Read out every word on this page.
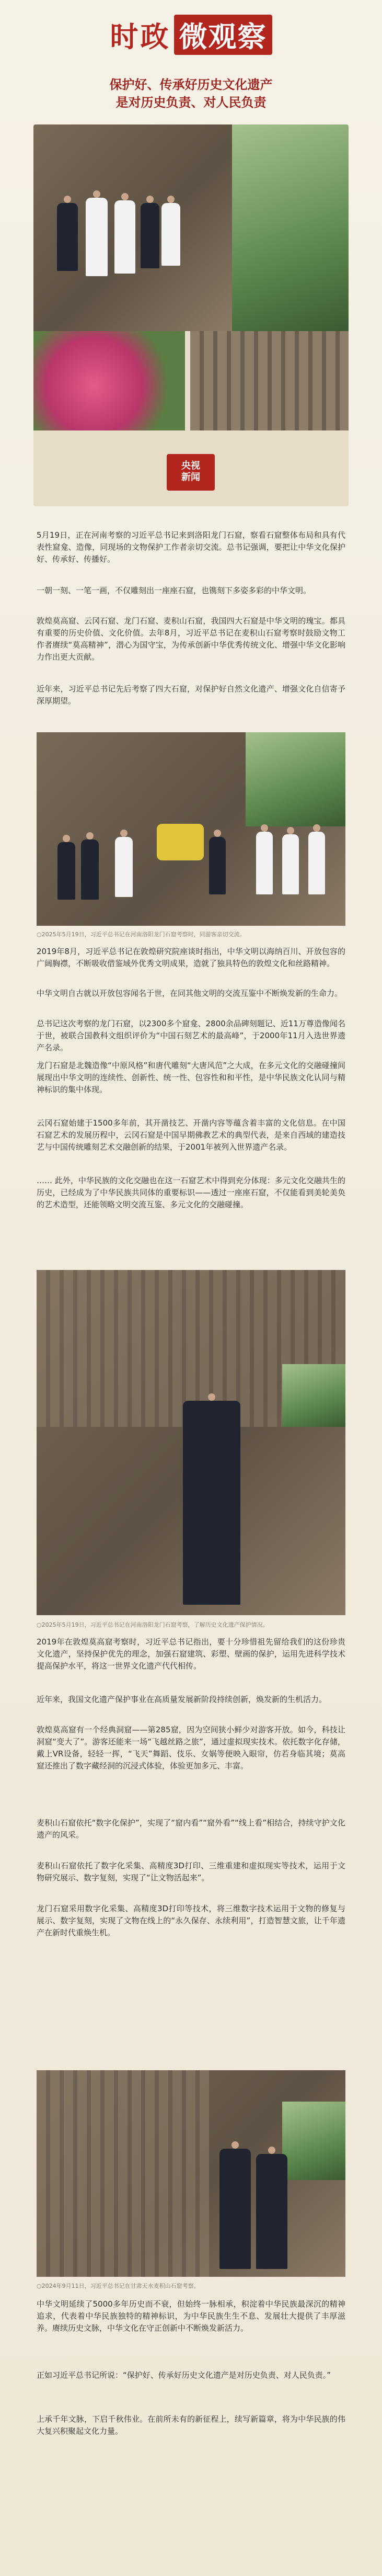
时政 微观察
保护好、传承好历史文化遗产
是对历史负责、对人民负责
央视
新闻

5月19日，正在河南考察的习近平总书记来到洛阳龙门石窟，察看石窟整体布局和具有代表性窟龛、造像，同现场的文物保护工作者亲切交流。总书记强调，要把让中华文化保护好、传承好、传播好。

一朝一刻、一笔一画，不仅雕刻出一座座石窟，也镌刻下多姿多彩的中华文明。

敦煌莫高窟、云冈石窟、龙门石窟、麦积山石窟，我国四大石窟是中华文明的瑰宝。都具有重要的历史价值、文化价值。去年8月，习近平总书记在麦积山石窟考察时鼓励文物工作者赓续“莫高精神”，潜心为国守宝，为传承创新中华优秀传统文化、增强中华文化影响力作出更大贡献。

近年来，习近平总书记先后考察了四大石窟，对保护好自然文化遗产、增强文化自信寄予深厚期望。

○2025年5月19日，习近平总书记在河南洛阳龙门石窟考察时，同游客亲切交流。

2019年8月，习近平总书记在敦煌研究院座谈时指出，中华文明以海纳百川、开放包容的广阔胸襟，不断吸收借鉴域外优秀文明成果，造就了独具特色的敦煌文化和丝路精神。

中华文明自古就以开放包容闻名于世，在同其他文明的交流互鉴中不断焕发新的生命力。

总书记这次考察的龙门石窟，以2300多个窟龛、2800余品碑刻题记、近11万尊造像闻名于世，被联合国教科文组织评价为“中国石刻艺术的最高峰”，于2000年11月入选世界遗产名录。

龙门石窟是北魏造像“中原风格”和唐代雕刻“大唐风范”之大成，在多元文化的交融碰撞间展现出中华文明的连续性、创新性、统一性、包容性和和平性，是中华民族文化认同与精神标识的集中体现。

云冈石窟始建于1500多年前，其开凿技艺、开凿内容等蕴含着丰富的文化信息。在中国石窟艺术的发展历程中，云冈石窟是中国早期佛教艺术的典型代表，是来自西域的建造技艺与中国传统雕刻艺术交融创新的结果，于2001年被列入世界遗产名录。

…… 此外，中华民族的文化交融也在这一石窟艺术中得到充分体现：多元文化交融共生的历史，已经成为了中华民族共同体的重要标识——透过一座座石窟，不仅能看到美轮美奂的艺术造型，还能领略文明交流互鉴、多元文化的交融碰撞。

○2025年5月19日，习近平总书记在河南洛阳龙门石窟考察，了解历史文化遗产保护情况。

2019年在敦煌莫高窟考察时，习近平总书记指出，要十分珍惜祖先留给我们的这份珍贵文化遗产，坚持保护优先的理念，加强石窟建筑、彩塑、壁画的保护，运用先进科学技术提高保护水平，将这一世界文化遗产代代相传。

近年来，我国文化遗产保护事业在高质量发展新阶段持续创新，焕发新的生机活力。

敦煌莫高窟有一个经典洞窟——第285窟，因为空间狭小鲜少对游客开放。如今，科技让洞窟“变大了”。游客还能来一场“飞越丝路之旅”，通过虚拟现实技术。依托数字化存储，戴上VR设备，轻轻一挥，“飞天”舞蹈、伎乐、女娲等便映入眼帘，仿若身临其境；莫高窟还推出了数字藏经洞的沉浸式体验，体验更加多元、丰富。

麦积山石窟依托“数字化保护”，实现了“窟内看”“窟外看”“线上看”相结合，持续守护文化遗产的风采。

麦积山石窟依托了数字化采集、高精度3D打印、三维重建和虚拟现实等技术，运用于文物研究展示、数字复刻，实现了“让文物活起来”。

龙门石窟采用数字化采集、高精度3D打印等技术，将三维数字技术运用于文物的修复与展示、数字复刻，实现了文物在线上的“永久保存、永续利用”，打造智慧文旅，让千年遗产在新时代重焕生机。

○2024年9月11日，习近平总书记在甘肃天水麦积山石窟考察。

中华文明延续了5000多年历史而不衰，但始终一脉相承，积淀着中华民族最深沉的精神追求，代表着中华民族独特的精神标识，为中华民族生生不息、发展壮大提供了丰厚滋养。赓续历史文脉，中华文化在守正创新中不断焕发新活力。

正如习近平总书记所说：“保护好、传承好历史文化遗产是对历史负责、对人民负责。”

上承千年文脉，下启千秋伟业。在前所未有的新征程上，续写新篇章，将为中华民族的伟大复兴积聚起文化力量。
